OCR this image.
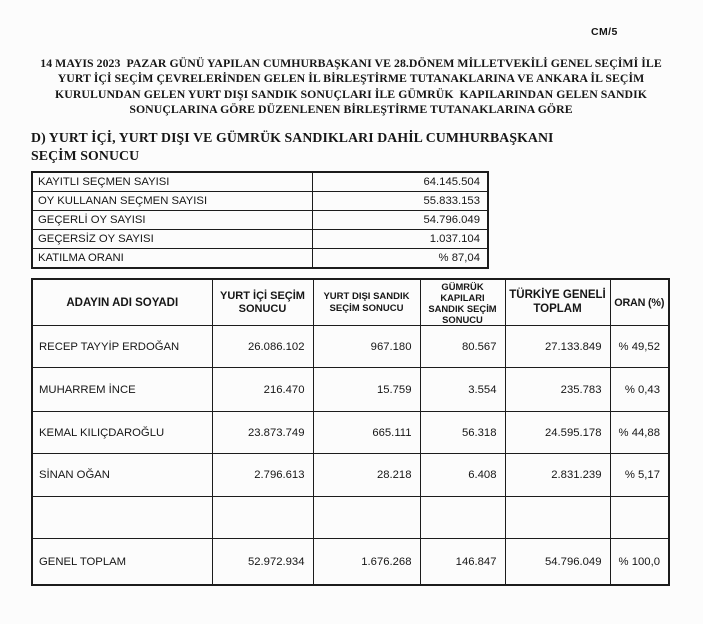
CM/5
14 MAYIS 2023  PAZAR GÜNÜ YAPILAN CUMHURBAŞKANI VE 28.DÖNEM MİLLETVEKİLİ GENEL SEÇİMİ İLE
YURT İÇİ SEÇİM ÇEVRELERİNDEN GELEN İL BİRLEŞTİRME TUTANAKLARINA VE ANKARA İL SEÇİM
KURULUNDAN GELEN YURT DIŞI SANDIK SONUÇLARI İLE GÜMRÜK  KAPILARINDAN GELEN SANDIK
SONUÇLARINA GÖRE DÜZENLENEN BİRLEŞTİRME TUTANAKLARINA GÖRE
D) YURT İÇİ, YURT DIŞI VE GÜMRÜK SANDIKLARI DAHİL CUMHURBAŞKANI
SEÇİM SONUCU
KAYITLI SEÇMEN SAYISI	64.145.504
OY KULLANAN SEÇMEN SAYISI	55.833.153
GEÇERLİ OY SAYISI	54.796.049
GEÇERSİZ OY SAYISI	1.037.104
KATILMA ORANI	% 87,04
ADAYIN ADI SOYADI	YURT İÇİ SEÇİM SONUCU	YURT DIŞI SANDIK SEÇİM SONUCU	GÜMRÜK KAPILARI SANDIK SEÇİM SONUCU	TÜRKİYE GENELİ TOPLAM	ORAN (%)
RECEP TAYYİP ERDOĞAN	26.086.102	967.180	80.567	27.133.849	% 49,52
MUHARREM İNCE	216.470	15.759	3.554	235.783	% 0,43
KEMAL KILIÇDAROĞLU	23.873.749	665.111	56.318	24.595.178	% 44,88
SİNAN OĞAN	2.796.613	28.218	6.408	2.831.239	% 5,17

GENEL TOPLAM	52.972.934	1.676.268	146.847	54.796.049	% 100,0
